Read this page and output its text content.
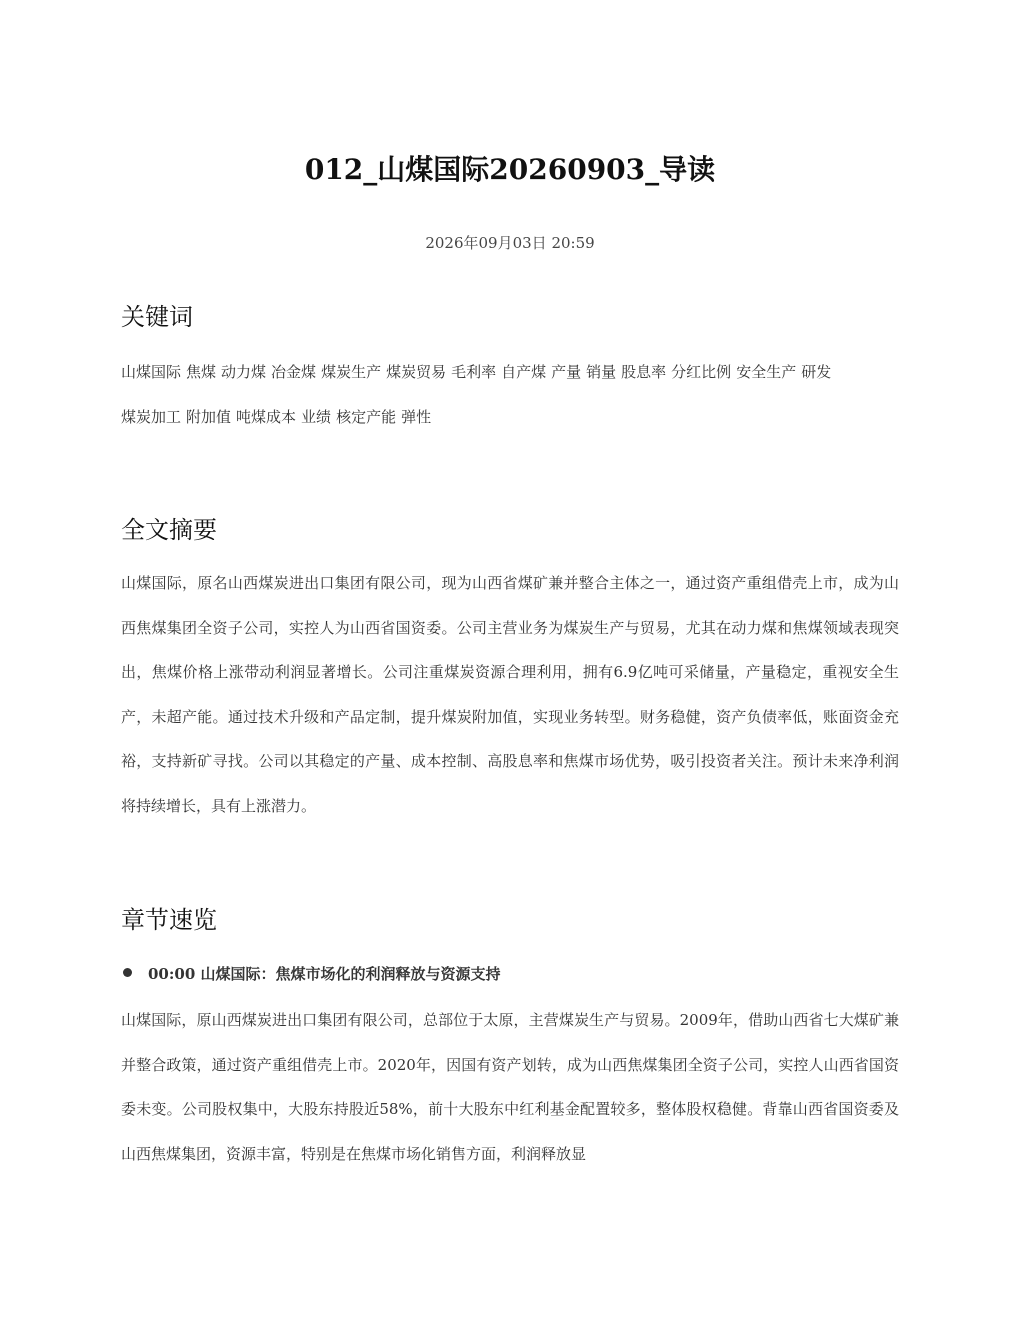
012_山煤国际20260903_导读
2026年09月03日 20:59
关键词
山煤国际 焦煤 动力煤 冶金煤 煤炭生产 煤炭贸易 毛利率 自产煤 产量 销量 股息率 分红比例 安全生产 研发
煤炭加工 附加值 吨煤成本 业绩 核定产能 弹性
全文摘要

山煤国际，原名山西煤炭进出口集团有限公司，现为山西省煤矿兼并整合主体之一，通过资产重组借壳上市，成为山西焦煤集团全资子公司，实控人为山西省国资委。公司主营业务为煤炭生产与贸易，尤其在动力煤和焦煤领域表现突出，焦煤价格上涨带动利润显著增长。公司注重煤炭资源合理利用，拥有6.9亿吨可采储量，产量稳定，重视安全生产，未超产能。通过技术升级和产品定制，提升煤炭附加值，实现业务转型。财务稳健，资产负债率低，账面资金充裕，支持新矿寻找。公司以其稳定的产量、成本控制、高股息率和焦煤市场优势，吸引投资者关注。预计未来净利润将持续增长，具有上涨潜力。

章节速览
00:00 山煤国际：焦煤市场化的利润释放与资源支持

山煤国际，原山西煤炭进出口集团有限公司，总部位于太原，主营煤炭生产与贸易。2009年，借助山西省七大煤矿兼并整合政策，通过资产重组借壳上市。2020年，因国有资产划转，成为山西焦煤集团全资子公司，实控人山西省国资委未变。公司股权集中，大股东持股近58%，前十大股东中红利基金配置较多，整体股权稳健。背靠山西省国资委及山西焦煤集团，资源丰富，特别是在焦煤市场化销售方面，利润释放显
